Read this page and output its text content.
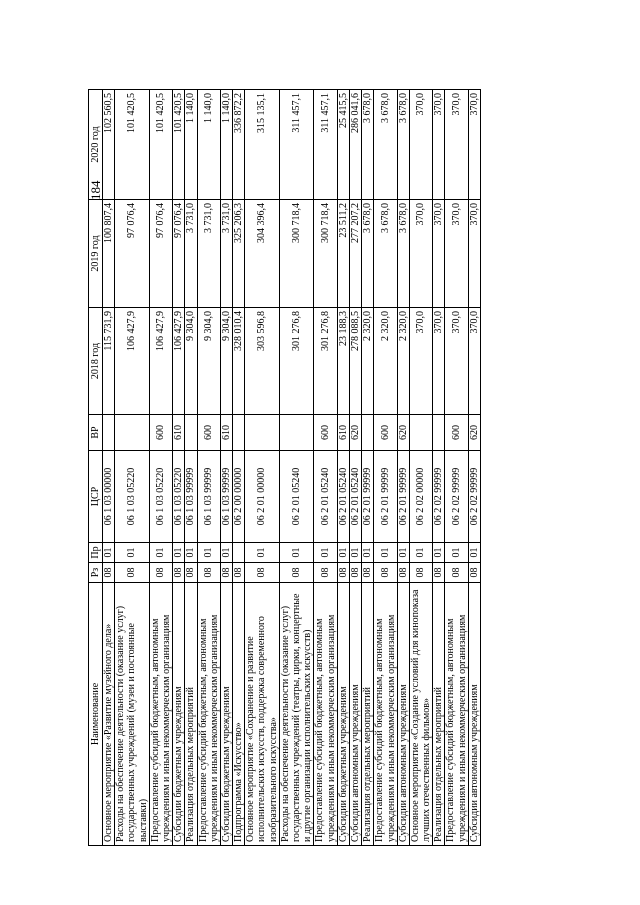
184
Наименование	Рз	Пр	ЦСР	ВР	2018 год	2019 год	2020 год
Основное мероприятие «Развитие музейного дела»	08	01	06 1 03 00000		115 731,9	100 807,4	102 560,5
Расходы на обеспечение деятельности (оказание услуг) государственных учреждений (музеи и постоянные выставки)	08	01	06 1 03 05220		106 427,9	97 076,4	101 420,5
Предоставление субсидий бюджетным, автономным учреждениям и иным некоммерческим организациям	08	01	06 1 03 05220	600	106 427,9	97 076,4	101 420,5
Субсидии бюджетным учреждениям	08	01	06 1 03 05220	610	106 427,9	97 076,4	101 420,5
Реализация отдельных мероприятий	08	01	06 1 03 99999		9 304,0	3 731,0	1 140,0
Предоставление субсидий бюджетным, автономным учреждениям и иным некоммерческим организациям	08	01	06 1 03 99999	600	9 304,0	3 731,0	1 140,0
Субсидии бюджетным учреждениям	08	01	06 1 03 99999	610	9 304,0	3 731,0	1 140,0
Подпрограмма «Искусство»	08		06 2 00 00000		328 010,4	325 206,3	336 872,2
Основное мероприятие «Сохранение и развитие исполнительских искусств, поддержка современного изобразительного искусства»	08	01	06 2 01 00000		303 596,8	304 396,4	315 135,1
Расходы на обеспечение деятельности (оказание услуг) государственных учреждений (театры, цирки, концертные и другие организации исполнительских искусств)	08	01	06 2 01 05240		301 276,8	300 718,4	311 457,1
Предоставление субсидий бюджетным, автономным учреждениям и иным некоммерческим организациям	08	01	06 2 01 05240	600	301 276,8	300 718,4	311 457,1
Субсидии бюджетным учреждениям	08	01	06 2 01 05240	610	23 188,3	23 511,2	25 415,5
Субсидии автономным учреждениям	08	01	06 2 01 05240	620	278 088,5	277 207,2	286 041,6
Реализация отдельных мероприятий	08	01	06 2 01 99999		2 320,0	3 678,0	3 678,0
Предоставление субсидий бюджетным, автономным учреждениям и иным некоммерческим организациям	08	01	06 2 01 99999	600	2 320,0	3 678,0	3 678,0
Субсидии автономным учреждениям	08	01	06 2 01 99999	620	2 320,0	3 678,0	3 678,0
Основное мероприятие «Создание условий для кинопоказа лучших отечественных фильмов»	08	01	06 2 02 00000		370,0	370,0	370,0
Реализация отдельных мероприятий	08	01	06 2 02 99999		370,0	370,0	370,0
Предоставление субсидий бюджетным, автономным учреждениям и иным некоммерческим организациям	08	01	06 2 02 99999	600	370,0	370,0	370,0
Субсидии автономным учреждениям	08	01	06 2 02 99999	620	370,0	370,0	370,0
